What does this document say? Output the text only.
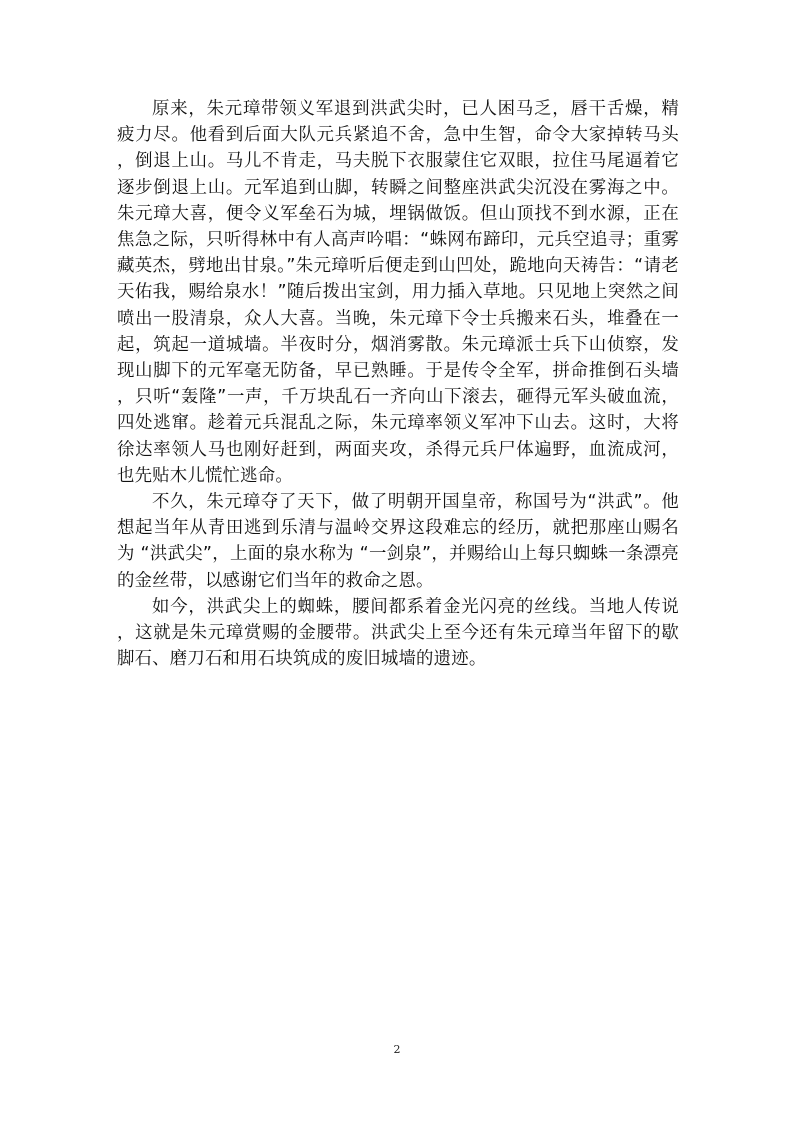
原来，朱元璋带领义军退到洪武尖时，已人困马乏，唇干舌燥，精疲力尽。他看到后面大队元兵紧追不舍，急中生智，命令大家掉转马头，倒退上山。马儿不肯走，马夫脱下衣服蒙住它双眼，拉住马尾逼着它逐步倒退上山。元军追到山脚，转瞬之间整座洪武尖沉没在雾海之中。朱元璋大喜，便令义军垒石为城，埋锅做饭。但山顶找不到水源，正在焦急之际，只听得林中有人高声吟唱：“蛛网布蹄印，元兵空追寻；重雾藏英杰，劈地出甘泉。”朱元璋听后便走到山凹处，跪地向天祷告：“请老天佑我，赐给泉水！”随后拨出宝剑，用力插入草地。只见地上突然之间喷出一股清泉，众人大喜。当晚，朱元璋下令士兵搬来石头，堆叠在一起，筑起一道城墙。半夜时分，烟消雾散。朱元璋派士兵下山侦察，发现山脚下的元军毫无防备，早已熟睡。于是传令全军，拼命推倒石头墙，只听“轰隆”一声，千万块乱石一齐向山下滚去，砸得元军头破血流，四处逃窜。趁着元兵混乱之际，朱元璋率领义军冲下山去。这时，大将徐达率领人马也刚好赶到，两面夹攻，杀得元兵尸体遍野，血流成河，也先贴木儿慌忙逃命。

不久，朱元璋夺了天下，做了明朝开国皇帝，称国号为“洪武”。他想起当年从青田逃到乐清与温岭交界这段难忘的经历，就把那座山赐名为 “洪武尖”，上面的泉水称为 “一剑泉”，并赐给山上每只蜘蛛一条漂亮的金丝带，以感谢它们当年的救命之恩。

如今，洪武尖上的蜘蛛，腰间都系着金光闪亮的丝线。当地人传说，这就是朱元璋赏赐的金腰带。洪武尖上至今还有朱元璋当年留下的歇脚石、磨刀石和用石块筑成的废旧城墙的遗迹。

2
